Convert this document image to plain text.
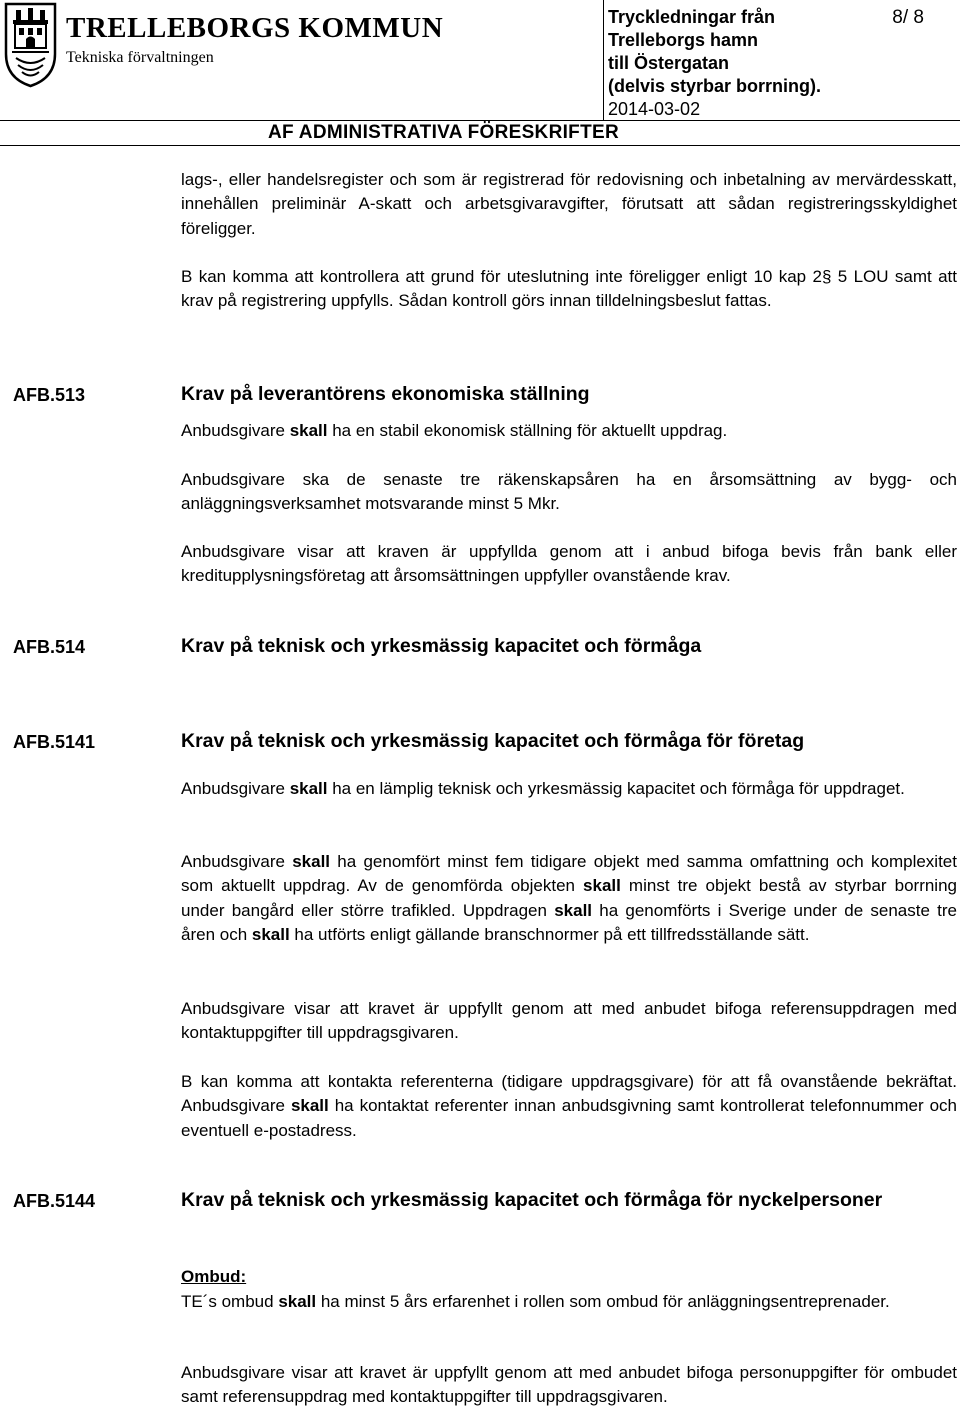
TRELLEBORGS KOMMUN
Tekniska förvaltningen
Tryckledningar från
Trelleborgs hamn
till Östergatan
(delvis styrbar borrning).
2014-03-02
8/ 8
AF ADMINISTRATIVA FÖRESKRIFTER
lags-, eller handelsregister och som är registrerad för redovisning och inbetalning av mervärdesskatt, innehållen preliminär A-skatt och arbetsgivaravgifter, förutsatt att sådan registreringsskyldighet föreligger.
B kan komma att kontrollera att grund för uteslutning inte föreligger enligt 10 kap 2§ 5 LOU samt att krav på registrering uppfylls. Sådan kontroll görs innan tilldelningsbeslut fattas.
AFB.513	Krav på leverantörens ekonomiska ställning
Anbudsgivare skall ha en stabil ekonomisk ställning för aktuellt uppdrag.
Anbudsgivare ska de senaste tre räkenskapsåren ha en årsomsättning av bygg- och anläggningsverksamhet motsvarande minst 5 Mkr.
Anbudsgivare visar att kraven är uppfyllda genom att i anbud bifoga bevis från bank eller kreditupplysningsföretag att årsomsättningen uppfyller ovanstående krav.
AFB.514	Krav på teknisk och yrkesmässig kapacitet och förmåga
AFB.5141	Krav på teknisk och yrkesmässig kapacitet och förmåga för företag
Anbudsgivare skall ha en lämplig teknisk och yrkesmässig kapacitet och förmåga för uppdraget.
Anbudsgivare skall ha genomfört minst fem tidigare objekt med samma omfattning och komplexitet som aktuellt uppdrag. Av de genomförda objekten skall minst tre objekt bestå av styrbar borrning under bangård eller större trafikled. Uppdragen skall ha genomförts i Sverige under de senaste tre åren och skall ha utförts enligt gällande branschnormer på ett tillfredsställande sätt.
Anbudsgivare visar att kravet är uppfyllt genom att med anbudet bifoga referensuppdragen med kontaktuppgifter till uppdragsgivaren.
B kan komma att kontakta referenterna (tidigare uppdragsgivare) för att få ovanstående bekräftat. Anbudsgivare skall ha kontaktat referenter innan anbudsgivning samt kontrollerat telefonnummer och eventuell e-postadress.
AFB.5144	Krav på teknisk och yrkesmässig kapacitet och förmåga för nyckelpersoner
Ombud:
TE´s ombud skall ha minst 5 års erfarenhet i rollen som ombud för anläggningsentreprenader.
Anbudsgivare visar att kravet är uppfyllt genom att med anbudet bifoga personuppgifter för ombudet samt referensuppdrag med kontaktuppgifter till uppdragsgivaren.
